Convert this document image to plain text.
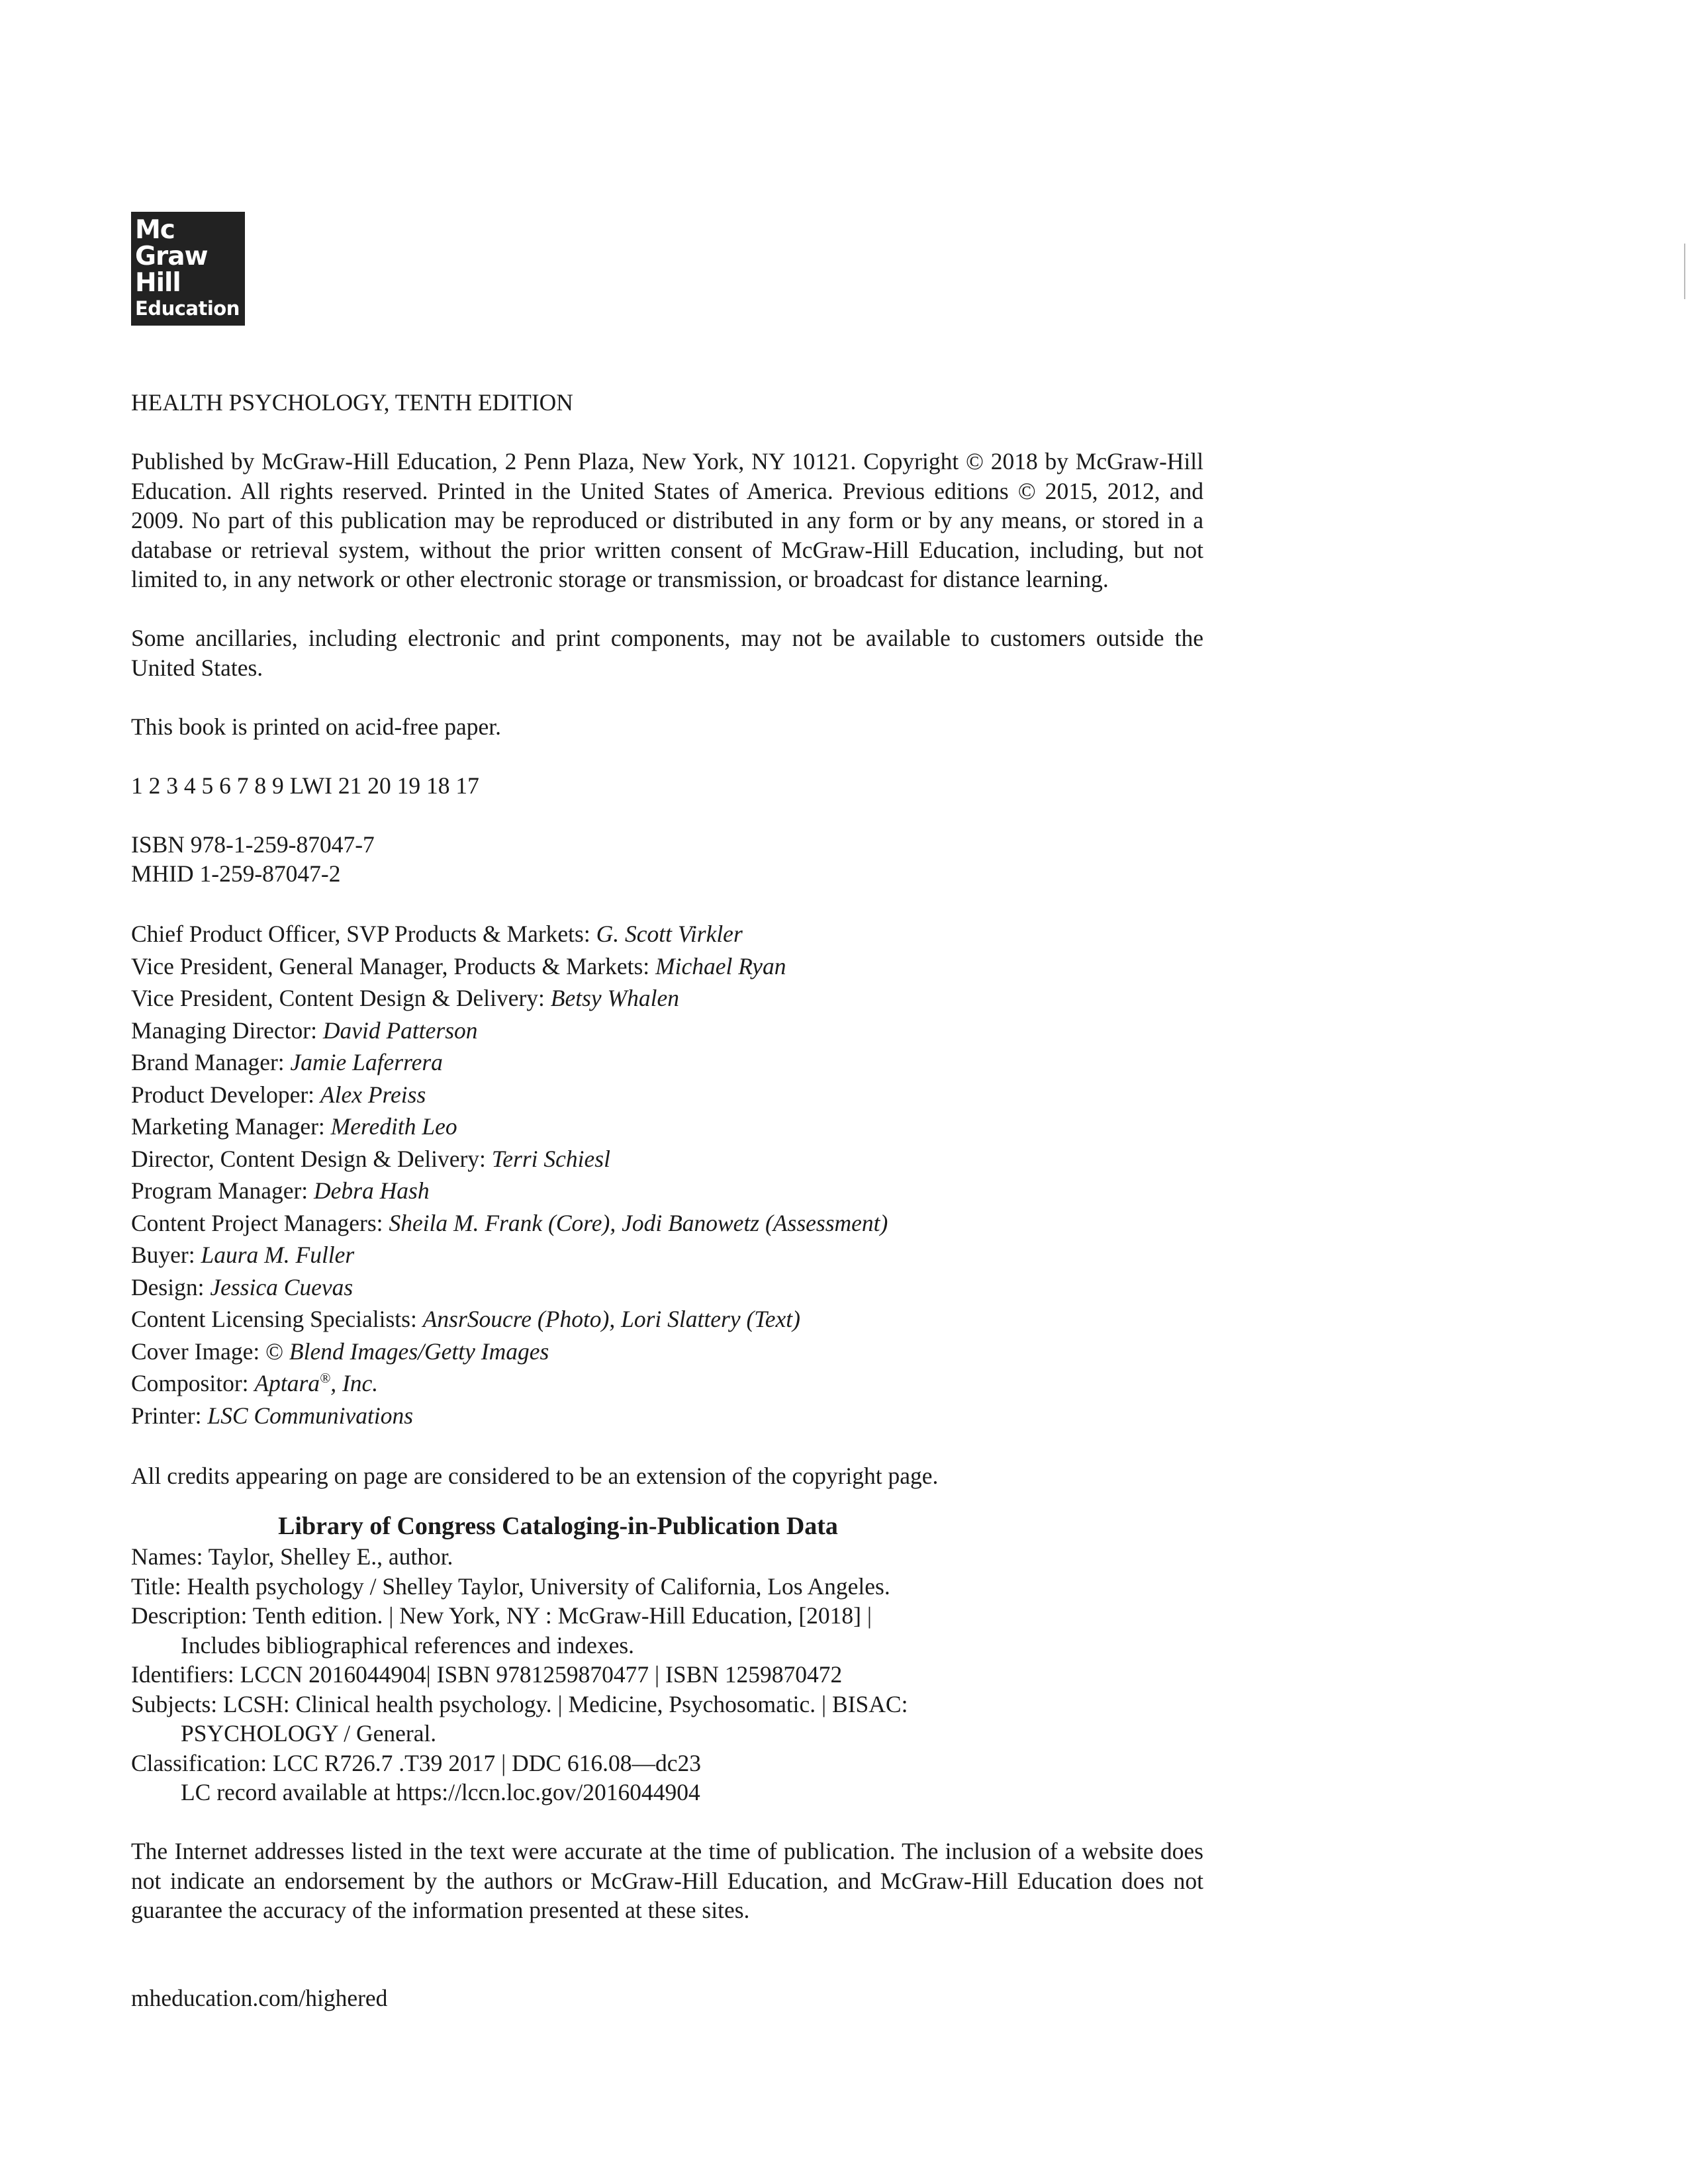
Mc
Graw
Hill
Education

HEALTH PSYCHOLOGY, TENTH EDITION

Published by McGraw-Hill Education, 2 Penn Plaza, New York, NY 10121. Copyright © 2018 by McGraw-Hill Education. All rights reserved. Printed in the United States of America. Previous editions © 2015, 2012, and 2009. No part of this publication may be reproduced or distributed in any form or by any means, or stored in a database or retrieval system, without the prior written consent of McGraw-Hill Education, including, but not limited to, in any network or other electronic storage or transmission, or broadcast for distance learning.

Some ancillaries, including electronic and print components, may not be available to customers outside the United States.

This book is printed on acid-free paper.

1 2 3 4 5 6 7 8 9 LWI 21 20 19 18 17

ISBN 978-1-259-87047-7

MHID 1-259-87047-2

Chief Product Officer, SVP Products & Markets: G. Scott Virkler

Vice President, General Manager, Products & Markets: Michael Ryan

Vice President, Content Design & Delivery: Betsy Whalen

Managing Director: David Patterson

Brand Manager: Jamie Laferrera

Product Developer: Alex Preiss

Marketing Manager: Meredith Leo

Director, Content Design & Delivery: Terri Schiesl

Program Manager: Debra Hash

Content Project Managers: Sheila M. Frank (Core), Jodi Banowetz (Assessment)

Buyer: Laura M. Fuller

Design: Jessica Cuevas

Content Licensing Specialists: AnsrSoucre (Photo), Lori Slattery (Text)

Cover Image: © Blend Images/Getty Images

Compositor: Aptara®, Inc.

Printer: LSC Communivations

All credits appearing on page are considered to be an extension of the copyright page.

Library of Congress Cataloging-in-Publication Data

Names: Taylor, Shelley E., author.

Title: Health psychology / Shelley Taylor, University of California, Los Angeles.

Description: Tenth edition. | New York, NY : McGraw-Hill Education, [2018] |

Includes bibliographical references and indexes.

Identifiers: LCCN 2016044904| ISBN 9781259870477 | ISBN 1259870472

Subjects: LCSH: Clinical health psychology. | Medicine, Psychosomatic. | BISAC:

PSYCHOLOGY / General.

Classification: LCC R726.7 .T39 2017 | DDC 616.08—dc23

LC record available at https://lccn.loc.gov/2016044904

The Internet addresses listed in the text were accurate at the time of publication. The inclusion of a website does not indicate an endorsement by the authors or McGraw-Hill Education, and McGraw-Hill Education does not guarantee the accuracy of the information presented at these sites.

mheducation.com/highered
